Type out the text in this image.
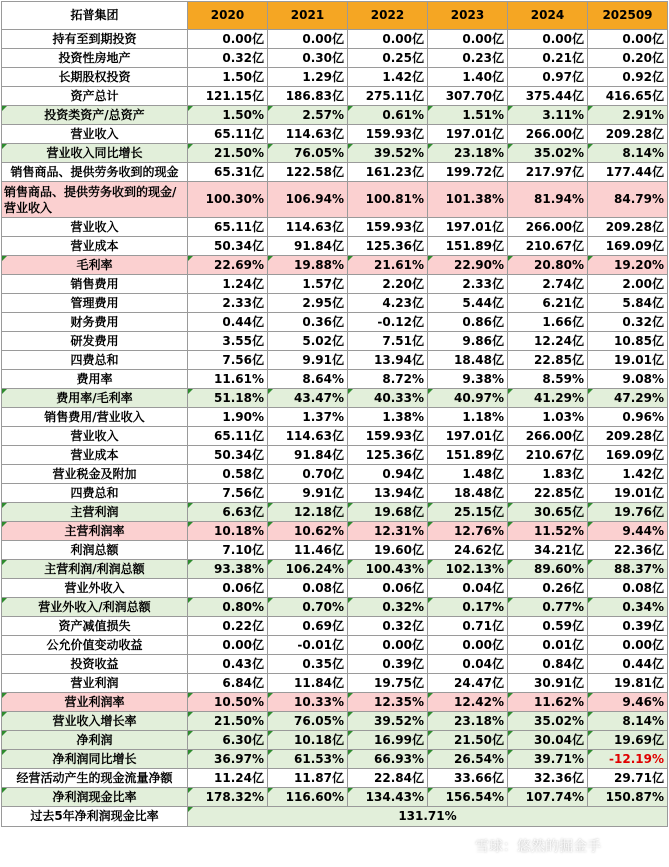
拓普集团	2020	2021	2022	2023	2024	202509
持有至到期投资	0.00亿	0.00亿	0.00亿	0.00亿	0.00亿	0.00亿
投资性房地产	0.32亿	0.30亿	0.25亿	0.23亿	0.21亿	0.20亿
长期股权投资	1.50亿	1.29亿	1.42亿	1.40亿	0.97亿	0.92亿
资产总计	121.15亿	186.83亿	275.11亿	307.70亿	375.44亿	416.65亿
投资类资产/总资产	1.50%	2.57%	0.61%	1.51%	3.11%	2.91%
营业收入	65.11亿	114.63亿	159.93亿	197.01亿	266.00亿	209.28亿
营业收入同比增长	21.50%	76.05%	39.52%	23.18%	35.02%	8.14%
销售商品、提供劳务收到的现金	65.31亿	122.58亿	161.23亿	199.72亿	217.97亿	177.44亿
销售商品、提供劳务收到的现金/营业收入	100.30%	106.94%	100.81%	101.38%	81.94%	84.79%
营业收入	65.11亿	114.63亿	159.93亿	197.01亿	266.00亿	209.28亿
营业成本	50.34亿	91.84亿	125.36亿	151.89亿	210.67亿	169.09亿
毛利率	22.69%	19.88%	21.61%	22.90%	20.80%	19.20%
销售费用	1.24亿	1.57亿	2.20亿	2.33亿	2.74亿	2.00亿
管理费用	2.33亿	2.95亿	4.23亿	5.44亿	6.21亿	5.84亿
财务费用	0.44亿	0.36亿	-0.12亿	0.86亿	1.66亿	0.32亿
研发费用	3.55亿	5.02亿	7.51亿	9.86亿	12.24亿	10.85亿
四费总和	7.56亿	9.91亿	13.94亿	18.48亿	22.85亿	19.01亿
费用率	11.61%	8.64%	8.72%	9.38%	8.59%	9.08%
费用率/毛利率	51.18%	43.47%	40.33%	40.97%	41.29%	47.29%
销售费用/营业收入	1.90%	1.37%	1.38%	1.18%	1.03%	0.96%
营业收入	65.11亿	114.63亿	159.93亿	197.01亿	266.00亿	209.28亿
营业成本	50.34亿	91.84亿	125.36亿	151.89亿	210.67亿	169.09亿
营业税金及附加	0.58亿	0.70亿	0.94亿	1.48亿	1.83亿	1.42亿
四费总和	7.56亿	9.91亿	13.94亿	18.48亿	22.85亿	19.01亿
主营利润	6.63亿	12.18亿	19.68亿	25.15亿	30.65亿	19.76亿
主营利润率	10.18%	10.62%	12.31%	12.76%	11.52%	9.44%
利润总额	7.10亿	11.46亿	19.60亿	24.62亿	34.21亿	22.36亿
主营利润/利润总额	93.38%	106.24%	100.43%	102.13%	89.60%	88.37%
营业外收入	0.06亿	0.08亿	0.06亿	0.04亿	0.26亿	0.08亿
营业外收入/利润总额	0.80%	0.70%	0.32%	0.17%	0.77%	0.34%
资产减值损失	0.22亿	0.69亿	0.32亿	0.71亿	0.59亿	0.39亿
公允价值变动收益	0.00亿	-0.01亿	0.00亿	0.00亿	0.01亿	0.00亿
投资收益	0.43亿	0.35亿	0.39亿	0.04亿	0.84亿	0.44亿
营业利润	6.84亿	11.84亿	19.75亿	24.47亿	30.91亿	19.81亿
营业利润率	10.50%	10.33%	12.35%	12.42%	11.62%	9.46%
营业收入增长率	21.50%	76.05%	39.52%	23.18%	35.02%	8.14%
净利润	6.30亿	10.18亿	16.99亿	21.50亿	30.04亿	19.69亿
净利润同比增长	36.97%	61.53%	66.93%	26.54%	39.71%	-12.19%
经营活动产生的现金流量净额	11.24亿	11.87亿	22.84亿	33.66亿	32.36亿	29.71亿
净利润现金比率	178.32%	116.60%	134.43%	156.54%	107.74%	150.87%
过去5年净利润现金比率	131.71%					
雪球：悠然的掘金手
